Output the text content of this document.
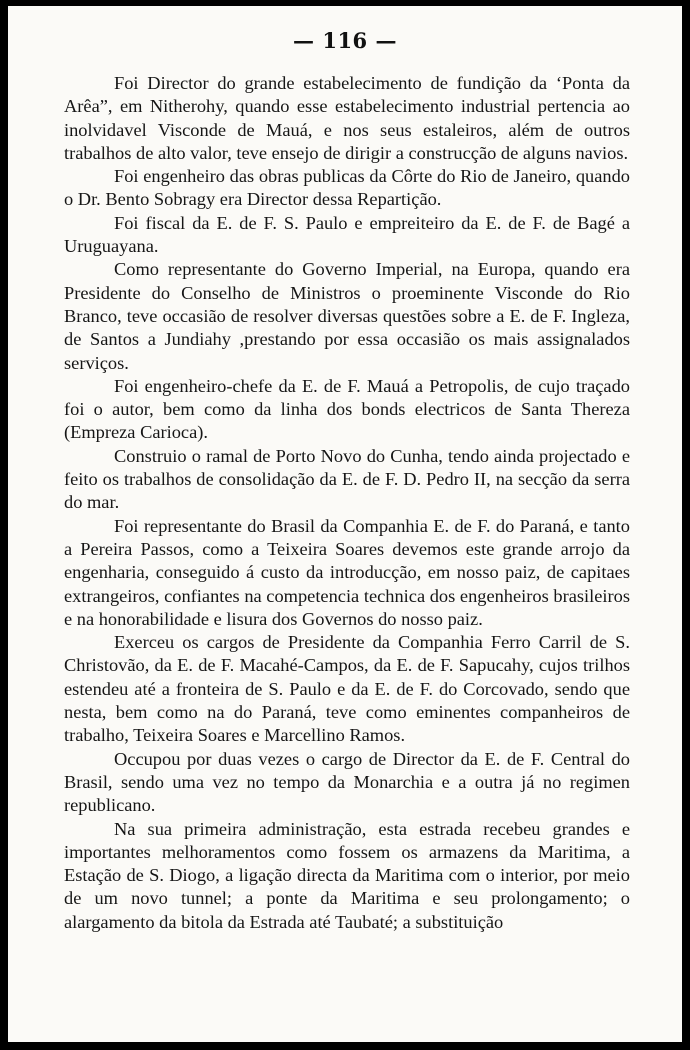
— 116 —

Foi Director do grande estabelecimento de fundição da ‘Ponta da Arêa”, em Nitherohy, quando esse estabelecimento industrial pertencia ao inolvidavel Visconde de Mauá, e nos seus estaleiros, além de outros trabalhos de alto valor, teve ensejo de dirigir a construcção de alguns navios.

Foi engenheiro das obras publicas da Côrte do Rio de Janeiro, quando o Dr. Bento Sobragy era Director dessa Repartição.

Foi fiscal da E. de F. S. Paulo e empreiteiro da E. de F. de Bagé a Uruguayana.

Como representante do Governo Imperial, na Europa, quando era Presidente do Conselho de Ministros o proeminente Visconde do Rio Branco, teve occasião de resolver diversas questões sobre a E. de F. Ingleza, de Santos a Jundiahy ,prestando por essa occasião os mais assignalados serviços.

Foi engenheiro-chefe da E. de F. Mauá a Petropolis, de cujo traçado foi o autor, bem como da linha dos bonds electricos de Santa Thereza (Empreza Carioca).

Construio o ramal de Porto Novo do Cunha, tendo ainda projectado e feito os trabalhos de consolidação da E. de F. D. Pedro II, na secção da serra do mar.

Foi representante do Brasil da Companhia E. de F. do Paraná, e tanto a Pereira Passos, como a Teixeira Soares devemos este grande arrojo da engenharia, conseguido á custo da introducção, em nosso paiz, de capitaes extrangeiros, confiantes na competencia technica dos engenheiros brasileiros e na honorabilidade e lisura dos Governos do nosso paiz.

Exerceu os cargos de Presidente da Companhia Ferro Carril de S. Christovão, da E. de F. Macahé-Campos, da E. de F. Sapucahy, cujos trilhos estendeu até a fronteira de S. Paulo e da E. de F. do Corcovado, sendo que nesta, bem como na do Paraná, teve como eminentes companheiros de trabalho, Teixeira Soares e Marcellino Ramos.

Occupou por duas vezes o cargo de Director da E. de F. Central do Brasil, sendo uma vez no tempo da Monarchia e a outra já no regimen republicano.

Na sua primeira administração, esta estrada recebeu grandes e importantes melhoramentos como fossem os armazens da Maritima, a Estação de S. Diogo, a ligação directa da Maritima com o interior, por meio de um novo tunnel; a ponte da Maritima e seu prolongamento; o alargamento da bitola da Estrada até Taubaté; a substituição
